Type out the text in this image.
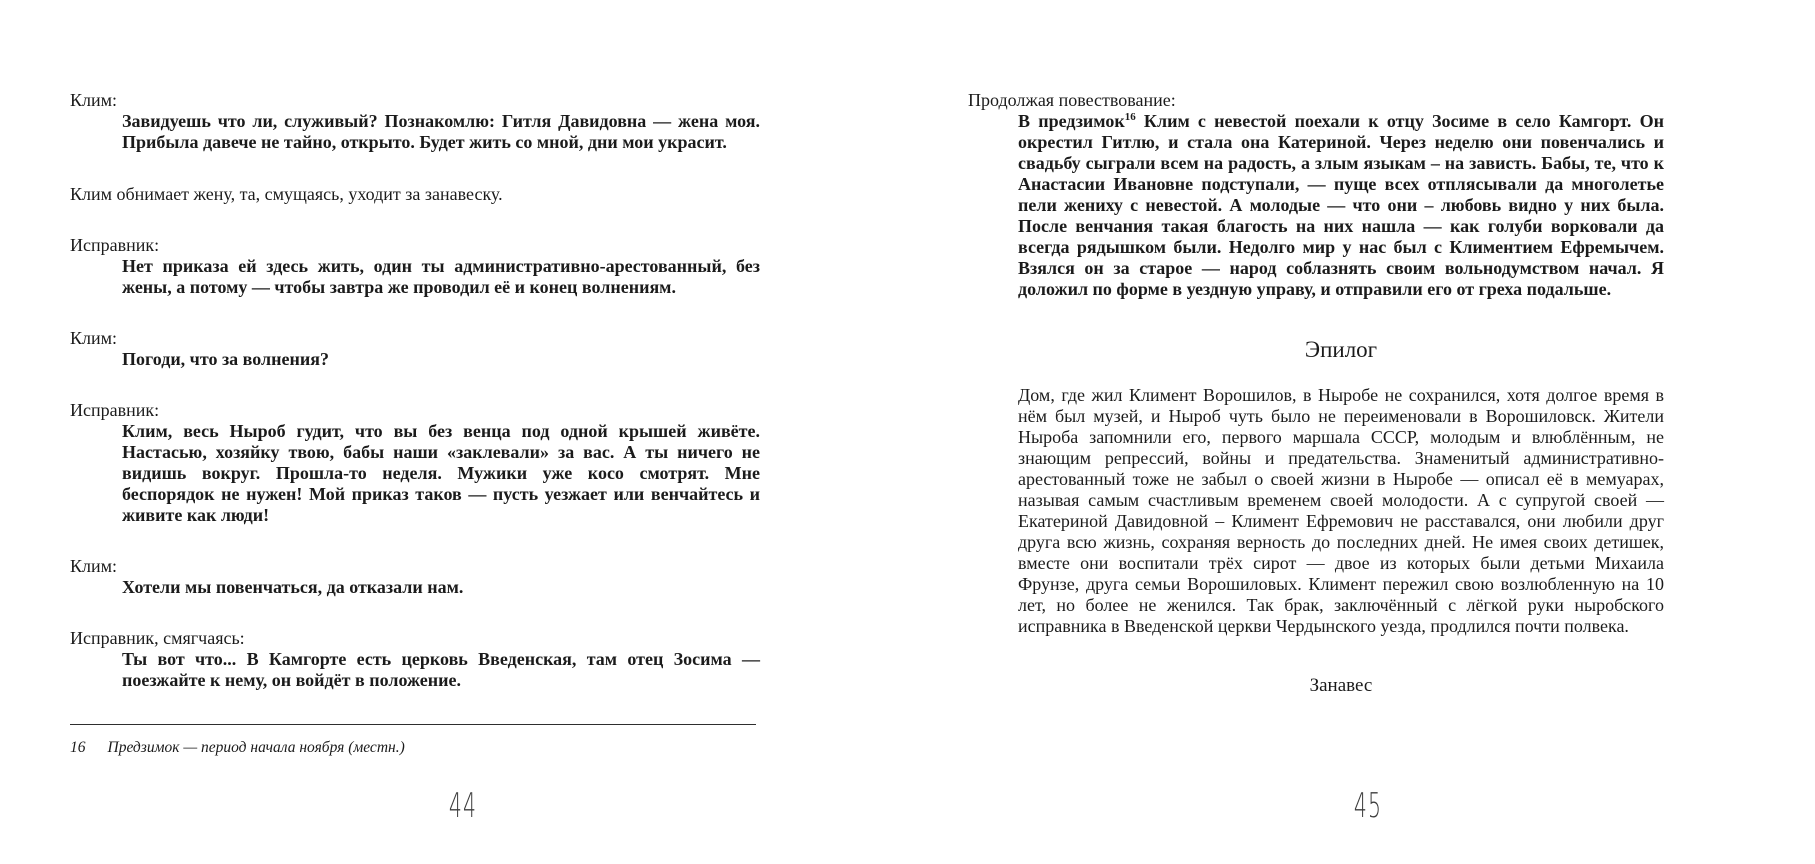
Клим:
Завидуешь что ли, служивый? Познакомлю: Гитля Давидовна — жена моя. Прибыла давече не тайно, открыто. Будет жить со мной, дни мои украсит.
Клим обнимает жену, та, смущаясь, уходит за занавеску.
Исправник:
Нет приказа ей здесь жить, один ты административно-арестованный, без жены, а потому — чтобы завтра же проводил её и конец волнениям.
Клим:
Погоди, что за волнения?
Исправник:
Клим, весь Ныроб гудит, что вы без венца под одной крышей живёте. Настасью, хозяйку твою, бабы наши «заклевали» за вас. А ты ничего не видишь вокруг. Прошла-то неделя. Мужики уже косо смотрят. Мне беспорядок не нужен! Мой приказ таков — пусть уезжает или венчайтесь и живите как люди!
Клим:
Хотели мы повенчаться, да отказали нам.
Исправник, смягчаясь:
Ты вот что... В Камгорте есть церковь Введенская, там отец Зосима — поезжайте к нему, он войдёт в положение.
16 Предзимок — период начала ноября (местн.)
Продолжая повествование:
В предзимок$^{16}$ Клим с невестой поехали к отцу Зосиме в село Камгорт. Он окрестил Гитлю, и стала она Катериной. Через неделю они повенчались и свадьбу сыграли всем на радость, а злым языкам – на зависть. Бабы, те, что к Анастасии Ивановне подступали, — пуще всех отплясывали да многолетье пели жениху с невестой. А молодые — что они – любовь видно у них была. После венчания такая благость на них нашла — как голуби ворковали да всегда рядышком были. Недолго мир у нас был с Климентием Ефремычем. Взялся он за старое — народ соблазнять своим вольнодумством начал. Я доложил по форме в уездную управу, и отправили его от греха подальше.
Эпилог
Дом, где жил Климент Ворошилов, в Ныробе не сохранился, хотя долгое время в нём был музей, и Ныроб чуть было не переименовали в Ворошиловск. Жители Ныроба запомнили его, первого маршала СССР, молодым и влюблённым, не знающим репрессий, войны и предательства. Знаменитый административно-арестованный тоже не забыл о своей жизни в Ныробе — описал её в мемуарах, называя самым счастливым временем своей молодости. А с супругой своей — Екатериной Давидовной – Климент Ефремович не расставался, они любили друг друга всю жизнь, сохраняя верность до последних дней. Не имея своих детишек, вместе они воспитали трёх сирот — двое из которых были детьми Михаила Фрунзе, друга семьи Ворошиловых. Климент пережил свою возлюбленную на 10 лет, но более не женился. Так брак, заключённый с лёгкой руки ныробского исправника в Введенской церкви Чердынского уезда, продлился почти полвека.
Занавес
44	45
